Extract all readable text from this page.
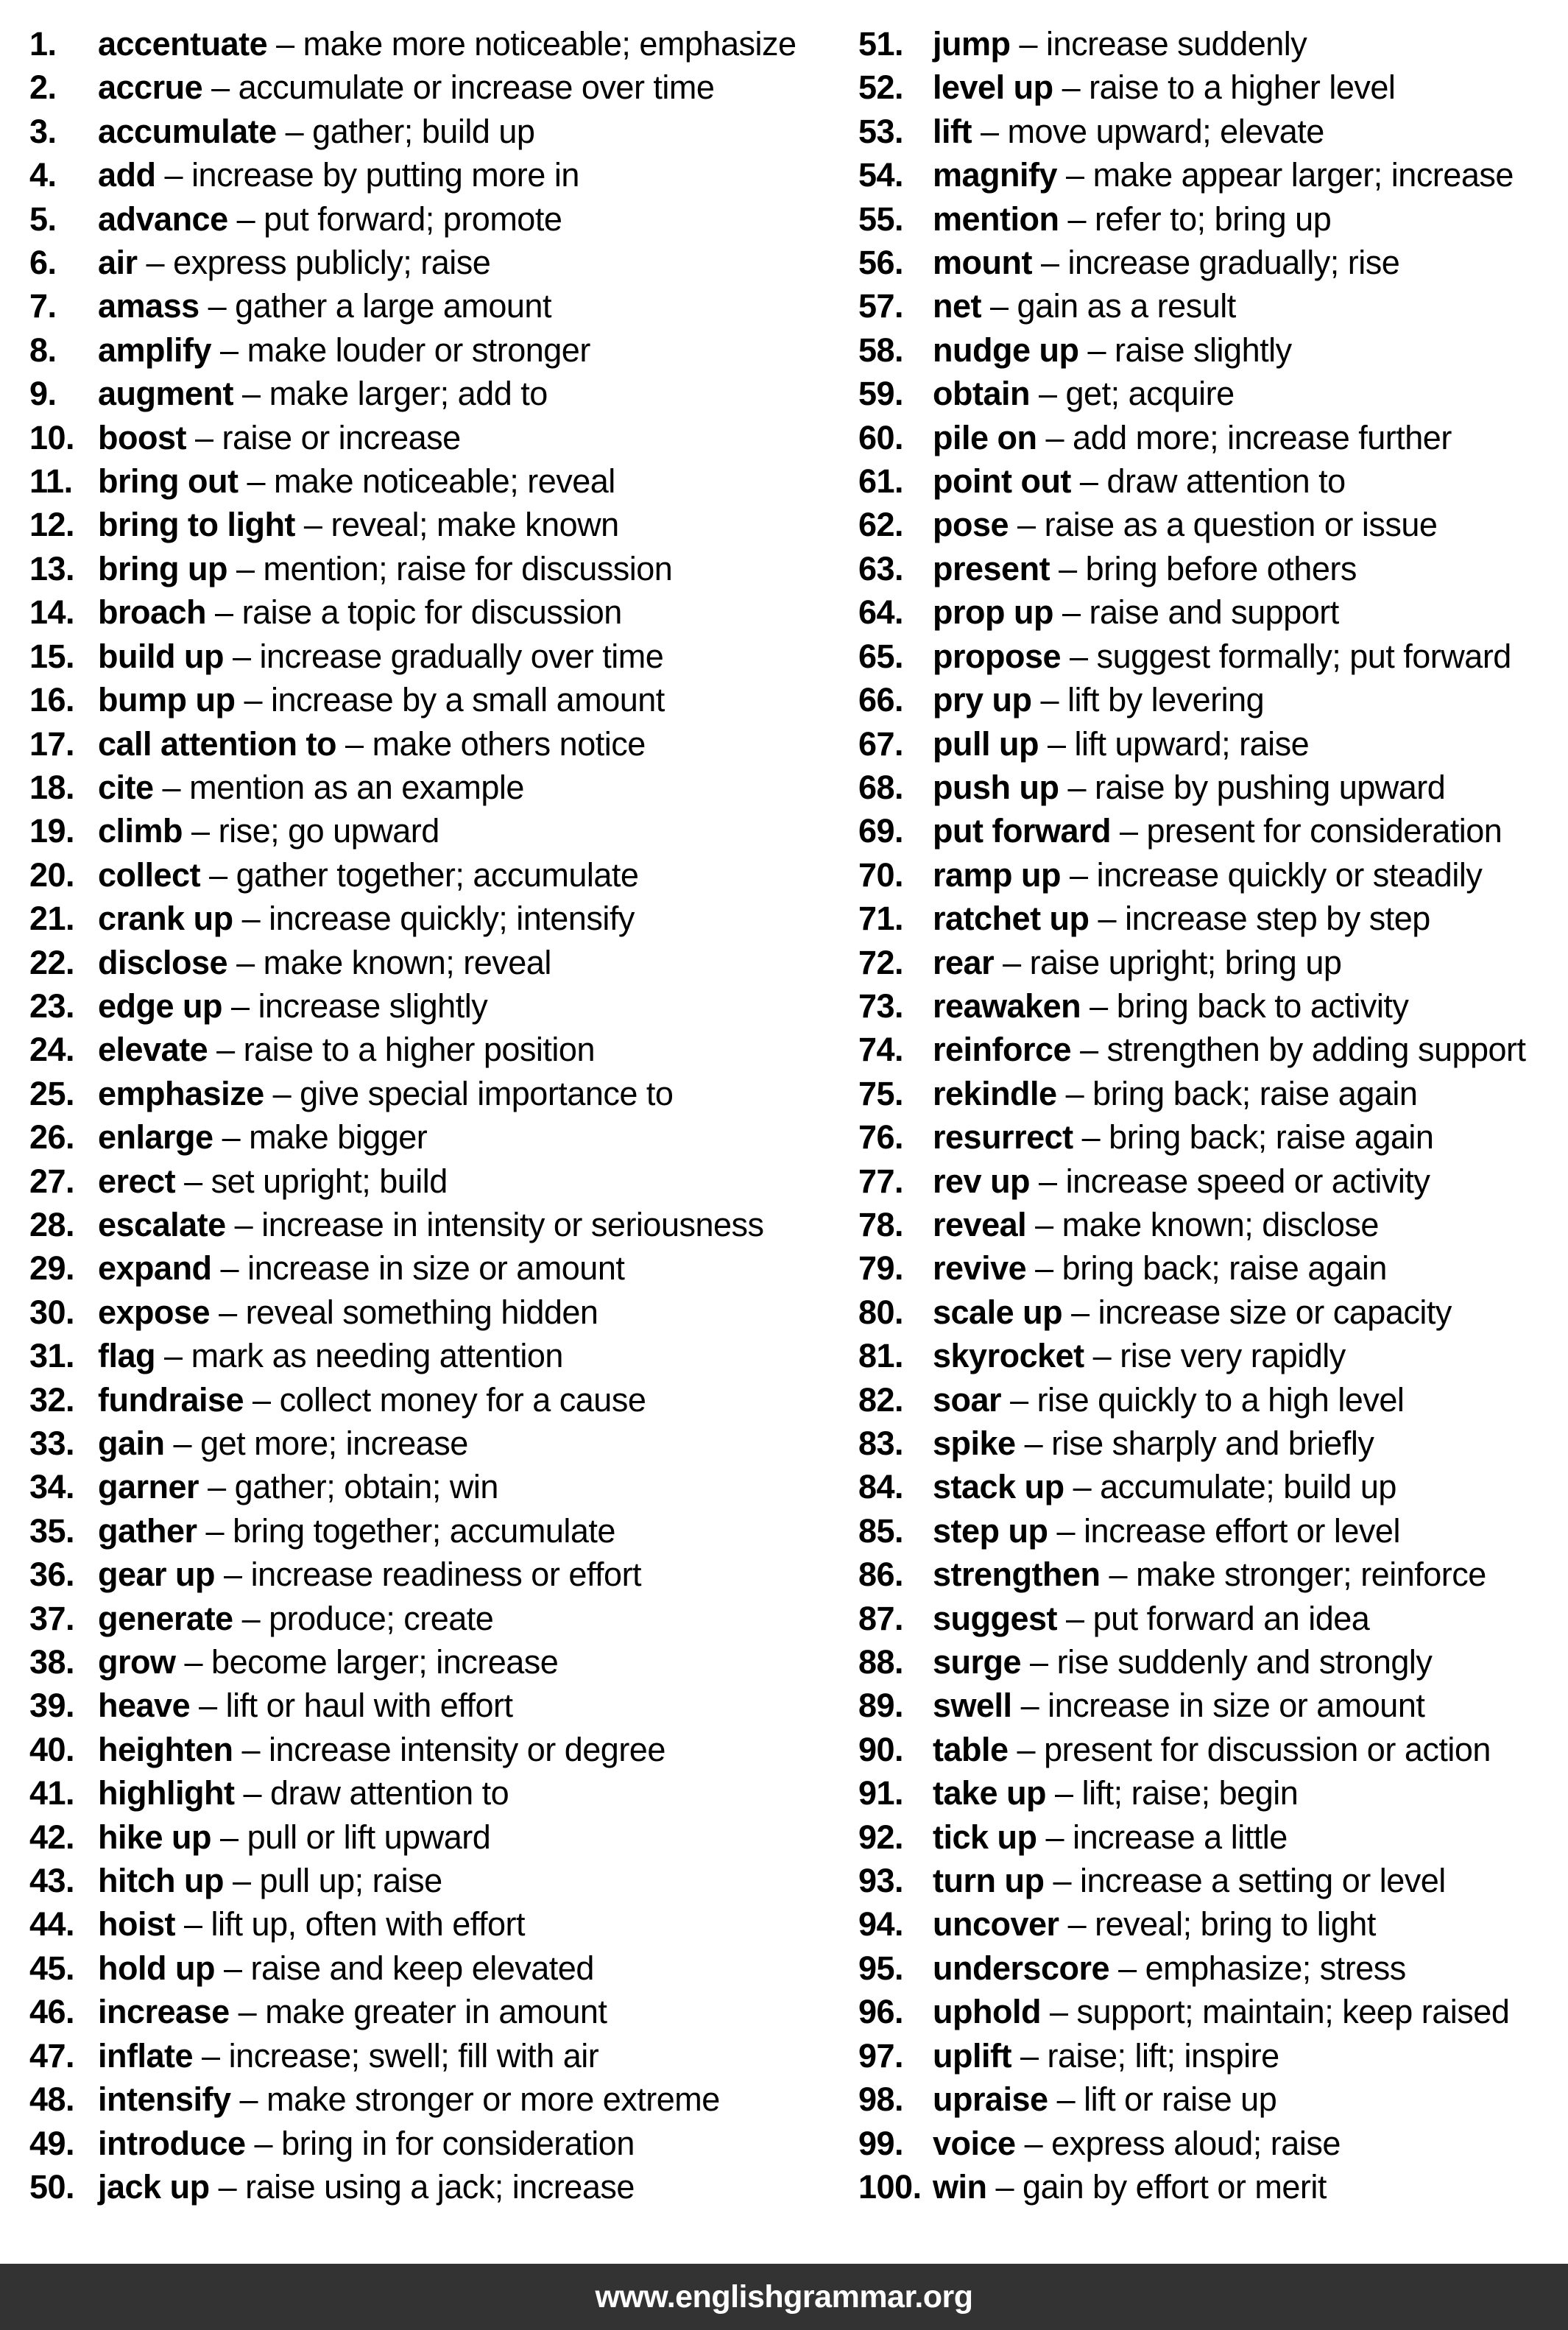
1.	accentuate – make more noticeable; emphasize
2.	accrue – accumulate or increase over time
3.	accumulate – gather; build up
4.	add – increase by putting more in
5.	advance – put forward; promote
6.	air – express publicly; raise
7.	amass – gather a large amount
8.	amplify – make louder or stronger
9.	augment – make larger; add to
10. boost – raise or increase
11. bring out – make noticeable; reveal
12. bring to light – reveal; make known
13. bring up – mention; raise for discussion
14. broach – raise a topic for discussion
15. build up – increase gradually over time
16. bump up – increase by a small amount
17. call attention to – make others notice
18. cite – mention as an example
19. climb – rise; go upward
20. collect – gather together; accumulate
21. crank up – increase quickly; intensify
22. disclose – make known; reveal
23. edge up – increase slightly
24. elevate – raise to a higher position
25. emphasize – give special importance to
26. enlarge – make bigger
27. erect – set upright; build
28. escalate – increase in intensity or seriousness
29. expand – increase in size or amount
30. expose – reveal something hidden
31. flag – mark as needing attention
32. fundraise – collect money for a cause
33. gain – get more; increase
34. garner – gather; obtain; win
35. gather – bring together; accumulate
36. gear up – increase readiness or effort
37. generate – produce; create
38. grow – become larger; increase
39. heave – lift or haul with effort
40. heighten – increase intensity or degree
41. highlight – draw attention to
42. hike up – pull or lift upward
43. hitch up – pull up; raise
44. hoist – lift up, often with effort
45. hold up – raise and keep elevated
46. increase – make greater in amount
47. inflate – increase; swell; fill with air
48. intensify – make stronger or more extreme
49. introduce – bring in for consideration
50. jack up – raise using a jack; increase
51. jump – increase suddenly
52. level up – raise to a higher level
53. lift – move upward; elevate
54. magnify – make appear larger; increase
55. mention – refer to; bring up
56. mount – increase gradually; rise
57. net – gain as a result
58. nudge up – raise slightly
59. obtain – get; acquire
60. pile on – add more; increase further
61. point out – draw attention to
62. pose – raise as a question or issue
63. present – bring before others
64. prop up – raise and support
65. propose – suggest formally; put forward
66. pry up – lift by levering
67. pull up – lift upward; raise
68. push up – raise by pushing upward
69. put forward – present for consideration
70. ramp up – increase quickly or steadily
71. ratchet up – increase step by step
72. rear – raise upright; bring up
73. reawaken – bring back to activity
74. reinforce – strengthen by adding support
75. rekindle – bring back; raise again
76. resurrect – bring back; raise again
77. rev up – increase speed or activity
78. reveal – make known; disclose
79. revive – bring back; raise again
80. scale up – increase size or capacity
81. skyrocket – rise very rapidly
82. soar – rise quickly to a high level
83. spike – rise sharply and briefly
84. stack up – accumulate; build up
85. step up – increase effort or level
86. strengthen – make stronger; reinforce
87. suggest – put forward an idea
88. surge – rise suddenly and strongly
89. swell – increase in size or amount
90. table – present for discussion or action
91. take up – lift; raise; begin
92. tick up – increase a little
93. turn up – increase a setting or level
94. uncover – reveal; bring to light
95. underscore – emphasize; stress
96. uphold – support; maintain; keep raised
97. uplift – raise; lift; inspire
98. upraise – lift or raise up
99. voice – express aloud; raise
100. win – gain by effort or merit
www.englishgrammar.org
